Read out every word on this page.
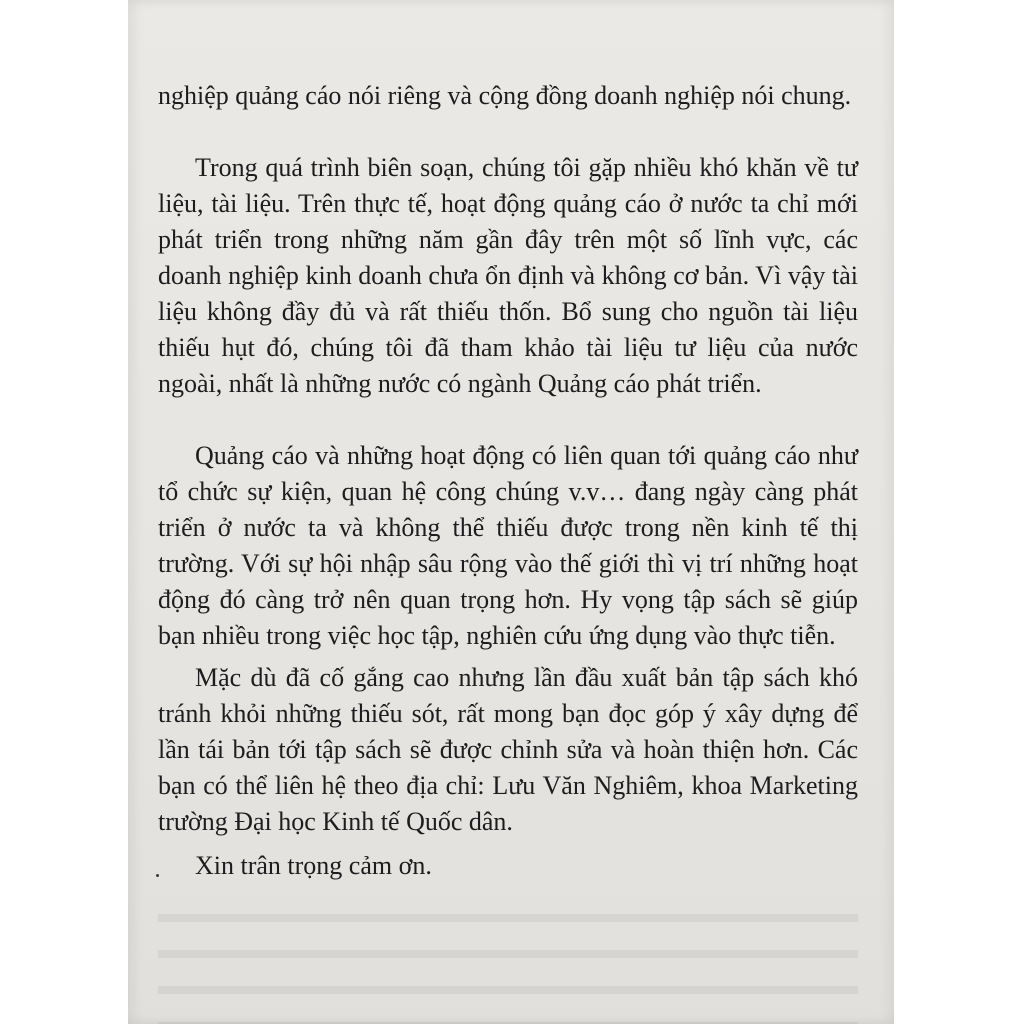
nghiệp quảng cáo nói riêng và cộng đồng doanh nghiệp nói chung.

Trong quá trình biên soạn, chúng tôi gặp nhiều khó khăn về tư liệu, tài liệu. Trên thực tế, hoạt động quảng cáo ở nước ta chỉ mới phát triển trong những năm gần đây trên một số lĩnh vực, các doanh nghiệp kinh doanh chưa ổn định và không cơ bản. Vì vậy tài liệu không đầy đủ và rất thiếu thốn. Bổ sung cho nguồn tài liệu thiếu hụt đó, chúng tôi đã tham khảo tài liệu tư liệu của nước ngoài, nhất là những nước có ngành Quảng cáo phát triển.

Quảng cáo và những hoạt động có liên quan tới quảng cáo như tổ chức sự kiện, quan hệ công chúng v.v… đang ngày càng phát triển ở nước ta và không thể thiếu được trong nền kinh tế thị trường. Với sự hội nhập sâu rộng vào thế giới thì vị trí những hoạt động đó càng trở nên quan trọng hơn. Hy vọng tập sách sẽ giúp bạn nhiều trong việc học tập, nghiên cứu ứng dụng vào thực tiễn.

Mặc dù đã cố gắng cao nhưng lần đầu xuất bản tập sách khó tránh khỏi những thiếu sót, rất mong bạn đọc góp ý xây dựng để lần tái bản tới tập sách sẽ được chỉnh sửa và hoàn thiện hơn. Các bạn có thể liên hệ theo địa chỉ: Lưu Văn Nghiêm, khoa Marketing trường Đại học Kinh tế Quốc dân.

Xin trân trọng cảm ơn.
